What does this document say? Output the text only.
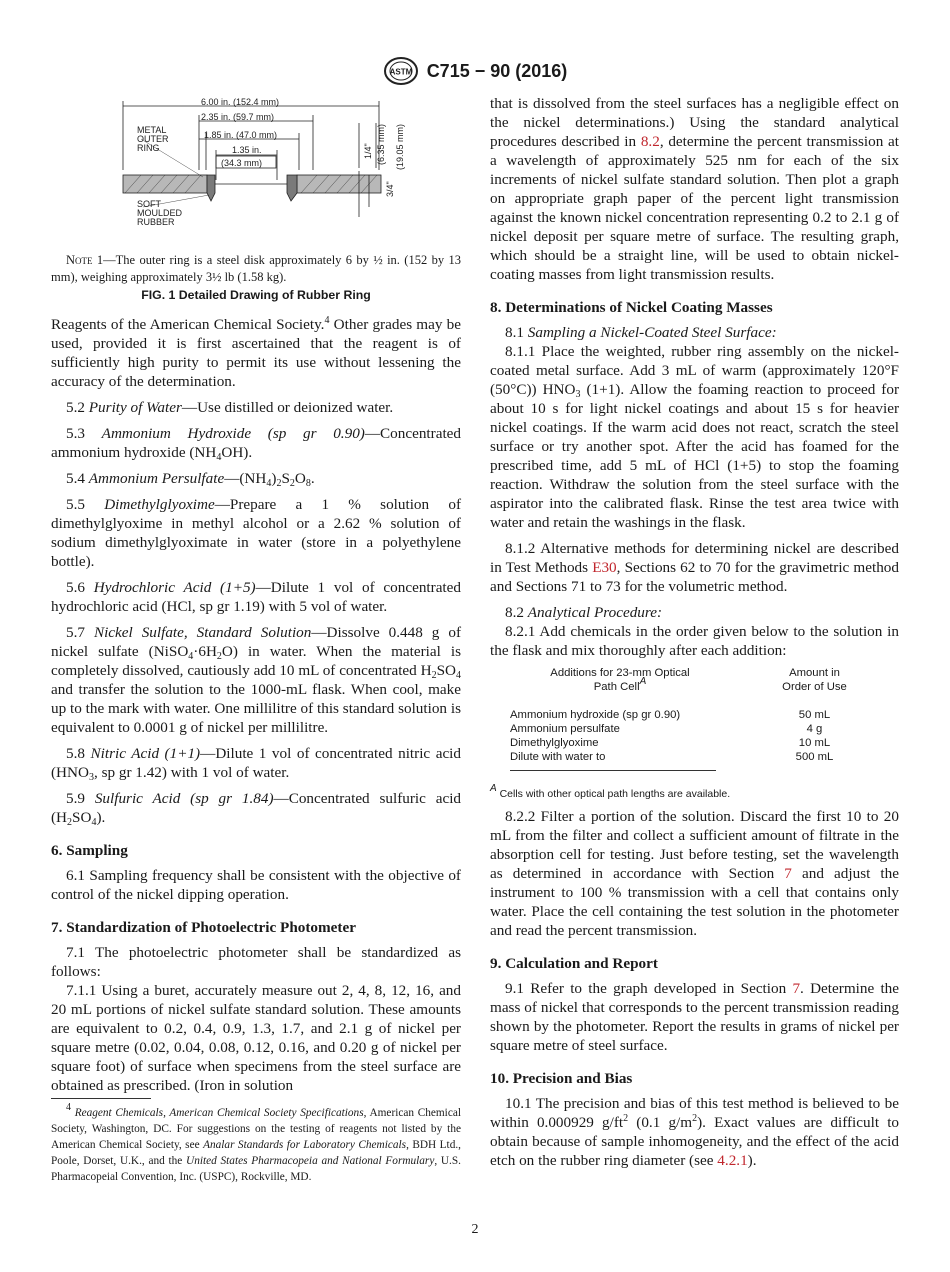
ASTM C715 − 90 (2016)
6.00 in. (152.4 mm)
2.35 in. (59.7 mm)
1.85 in. (47.0 mm)
1.35 in.
(34.3 mm)
METAL
OUTER
RING
SOFT
MOULDED
RUBBER
1/4" (6.35 mm) (19.05 mm)
3/4"
Note 1—The outer ring is a steel disk approximately 6 by ½ in. (152 by 13 mm), weighing approximately 3½ lb (1.58 kg).
FIG. 1 Detailed Drawing of Rubber Ring

Reagents of the American Chemical Society.$^4$ Other grades may be used, provided it is first ascertained that the reagent is of sufficiently high purity to permit its use without lessening the accuracy of the determination.

5.2 Purity of Water—Use distilled or deionized water.

5.3 Ammonium Hydroxide (sp gr 0.90)—Concentrated ammonium hydroxide $(NH_4OH)$.

5.4 Ammonium $Persulfate—(NH_4)_2S_2O_8$.

5.5 Dimethylglyoxime—Prepare a 1 % solution of dimethylglyoxime in methyl alcohol or a 2.62 % solution of sodium dimethylglyoximate in water (store in a polyethylene bottle).

5.6 Hydrochloric Acid (1+5)—Dilute 1 vol of concentrated hydrochloric acid (HCl, sp gr 1.19) with 5 vol of water.

5.7 Nickel Sulfate, Standard Solution—Dissolve 0.448 g of nickel sulfate $(NiSO_4\cdot 6H_2O)$ in water. When the material is completely dissolved, cautiously add 10 mL of concentrated $H_2SO_4$ and transfer the solution to the 1000-mL flask. When cool, make up to the mark with water. One millilitre of this standard solution is equivalent to 0.0001 g of nickel per millilitre.

5.8 Nitric Acid (1+1)—Dilute 1 vol of concentrated nitric acid ($HNO_3$, sp gr 1.42) with 1 vol of water.

5.9 Sulfuric Acid (sp gr 1.84)—Concentrated sulfuric acid $(H_2SO_4)$.

6. Sampling

6.1 Sampling frequency shall be consistent with the objective of control of the nickel dipping operation.

7. Standardization of Photoelectric Photometer

7.1 The photoelectric photometer shall be standardized as follows:

7.1.1 Using a buret, accurately measure out 2, 4, 8, 12, 16, and 20 mL portions of nickel sulfate standard solution. These amounts are equivalent to 0.2, 0.4, 0.9, 1.3, 1.7, and 2.1 g of nickel per square metre (0.02, 0.04, 0.08, 0.12, 0.16, and 0.20 g of nickel per square foot) of surface when specimens from the steel surface are obtained as prescribed. (Iron in solution

$^4$ Reagent Chemicals, American Chemical Society Specifications, American Chemical Society, Washington, DC. For suggestions on the testing of reagents not listed by the American Chemical Society, see Analar Standards for Laboratory Chemicals, BDH Ltd., Poole, Dorset, U.K., and the United States Pharmacopeia and National Formulary, U.S. Pharmacopeial Convention, Inc. (USPC), Rockville, MD.

that is dissolved from the steel surfaces has a negligible effect on the nickel determinations.) Using the standard analytical procedures described in 8.2, determine the percent transmission at a wavelength of approximately 525 nm for each of the six increments of nickel sulfate standard solution. Then plot a graph on appropriate graph paper of the percent light transmission against the known nickel concentration representing 0.2 to 2.1 g of nickel deposit per square metre of surface. The resulting graph, which should be a straight line, will be used to obtain nickel-coating masses from light transmission results.

8. Determinations of Nickel Coating Masses

8.1 Sampling a Nickel-Coated Steel Surface:

8.1.1 Place the weighted, rubber ring assembly on the nickel-coated metal surface. Add 3 mL of warm (approximately 120°F (50°C)) $HNO_3$ (1+1). Allow the foaming reaction to proceed for about 10 s for light nickel coatings and about 15 s for heavier nickel coatings. If the warm acid does not react, scratch the steel surface or try another spot. After the acid has foamed for the prescribed time, add 5 mL of HCl (1+5) to stop the foaming reaction. Withdraw the solution from the steel surface with the aspirator into the calibrated flask. Rinse the test area twice with water and retain the washings in the flask.

8.1.2 Alternative methods for determining nickel are described in Test Methods E30, Sections 62 to 70 for the gravimetric method and Sections 71 to 73 for the volumetric method.

8.2 Analytical Procedure:

8.2.1 Add chemicals in the order given below to the solution in the flask and mix thoroughly after each addition:

Additions for 23-mm Optical
Path Cell$^A$
Amount in
Order of Use
Ammonium hydroxide (sp gr 0.90)	50 mL
Ammonium persulfate	4 g
Dimethylglyoxime	10 mL
Dilute with water to	500 mL
$^A$ Cells with other optical path lengths are available.

8.2.2 Filter a portion of the solution. Discard the first 10 to 20 mL from the filter and collect a sufficient amount of filtrate in the absorption cell for testing. Just before testing, set the wavelength as determined in accordance with Section 7 and adjust the instrument to 100 % transmission with a cell that contains only water. Place the cell containing the test solution in the photometer and read the percent transmission.

9. Calculation and Report

9.1 Refer to the graph developed in Section 7. Determine the mass of nickel that corresponds to the percent transmission reading shown by the photometer. Report the results in grams of nickel per square metre of steel surface.

10. Precision and Bias

10.1 The precision and bias of this test method is believed to be within 0.000929 $g/ft^2$ (0.1 $g/m^2$). Exact values are difficult to obtain because of sample inhomogeneity, and the effect of the acid etch on the rubber ring diameter (see 4.2.1).

2
